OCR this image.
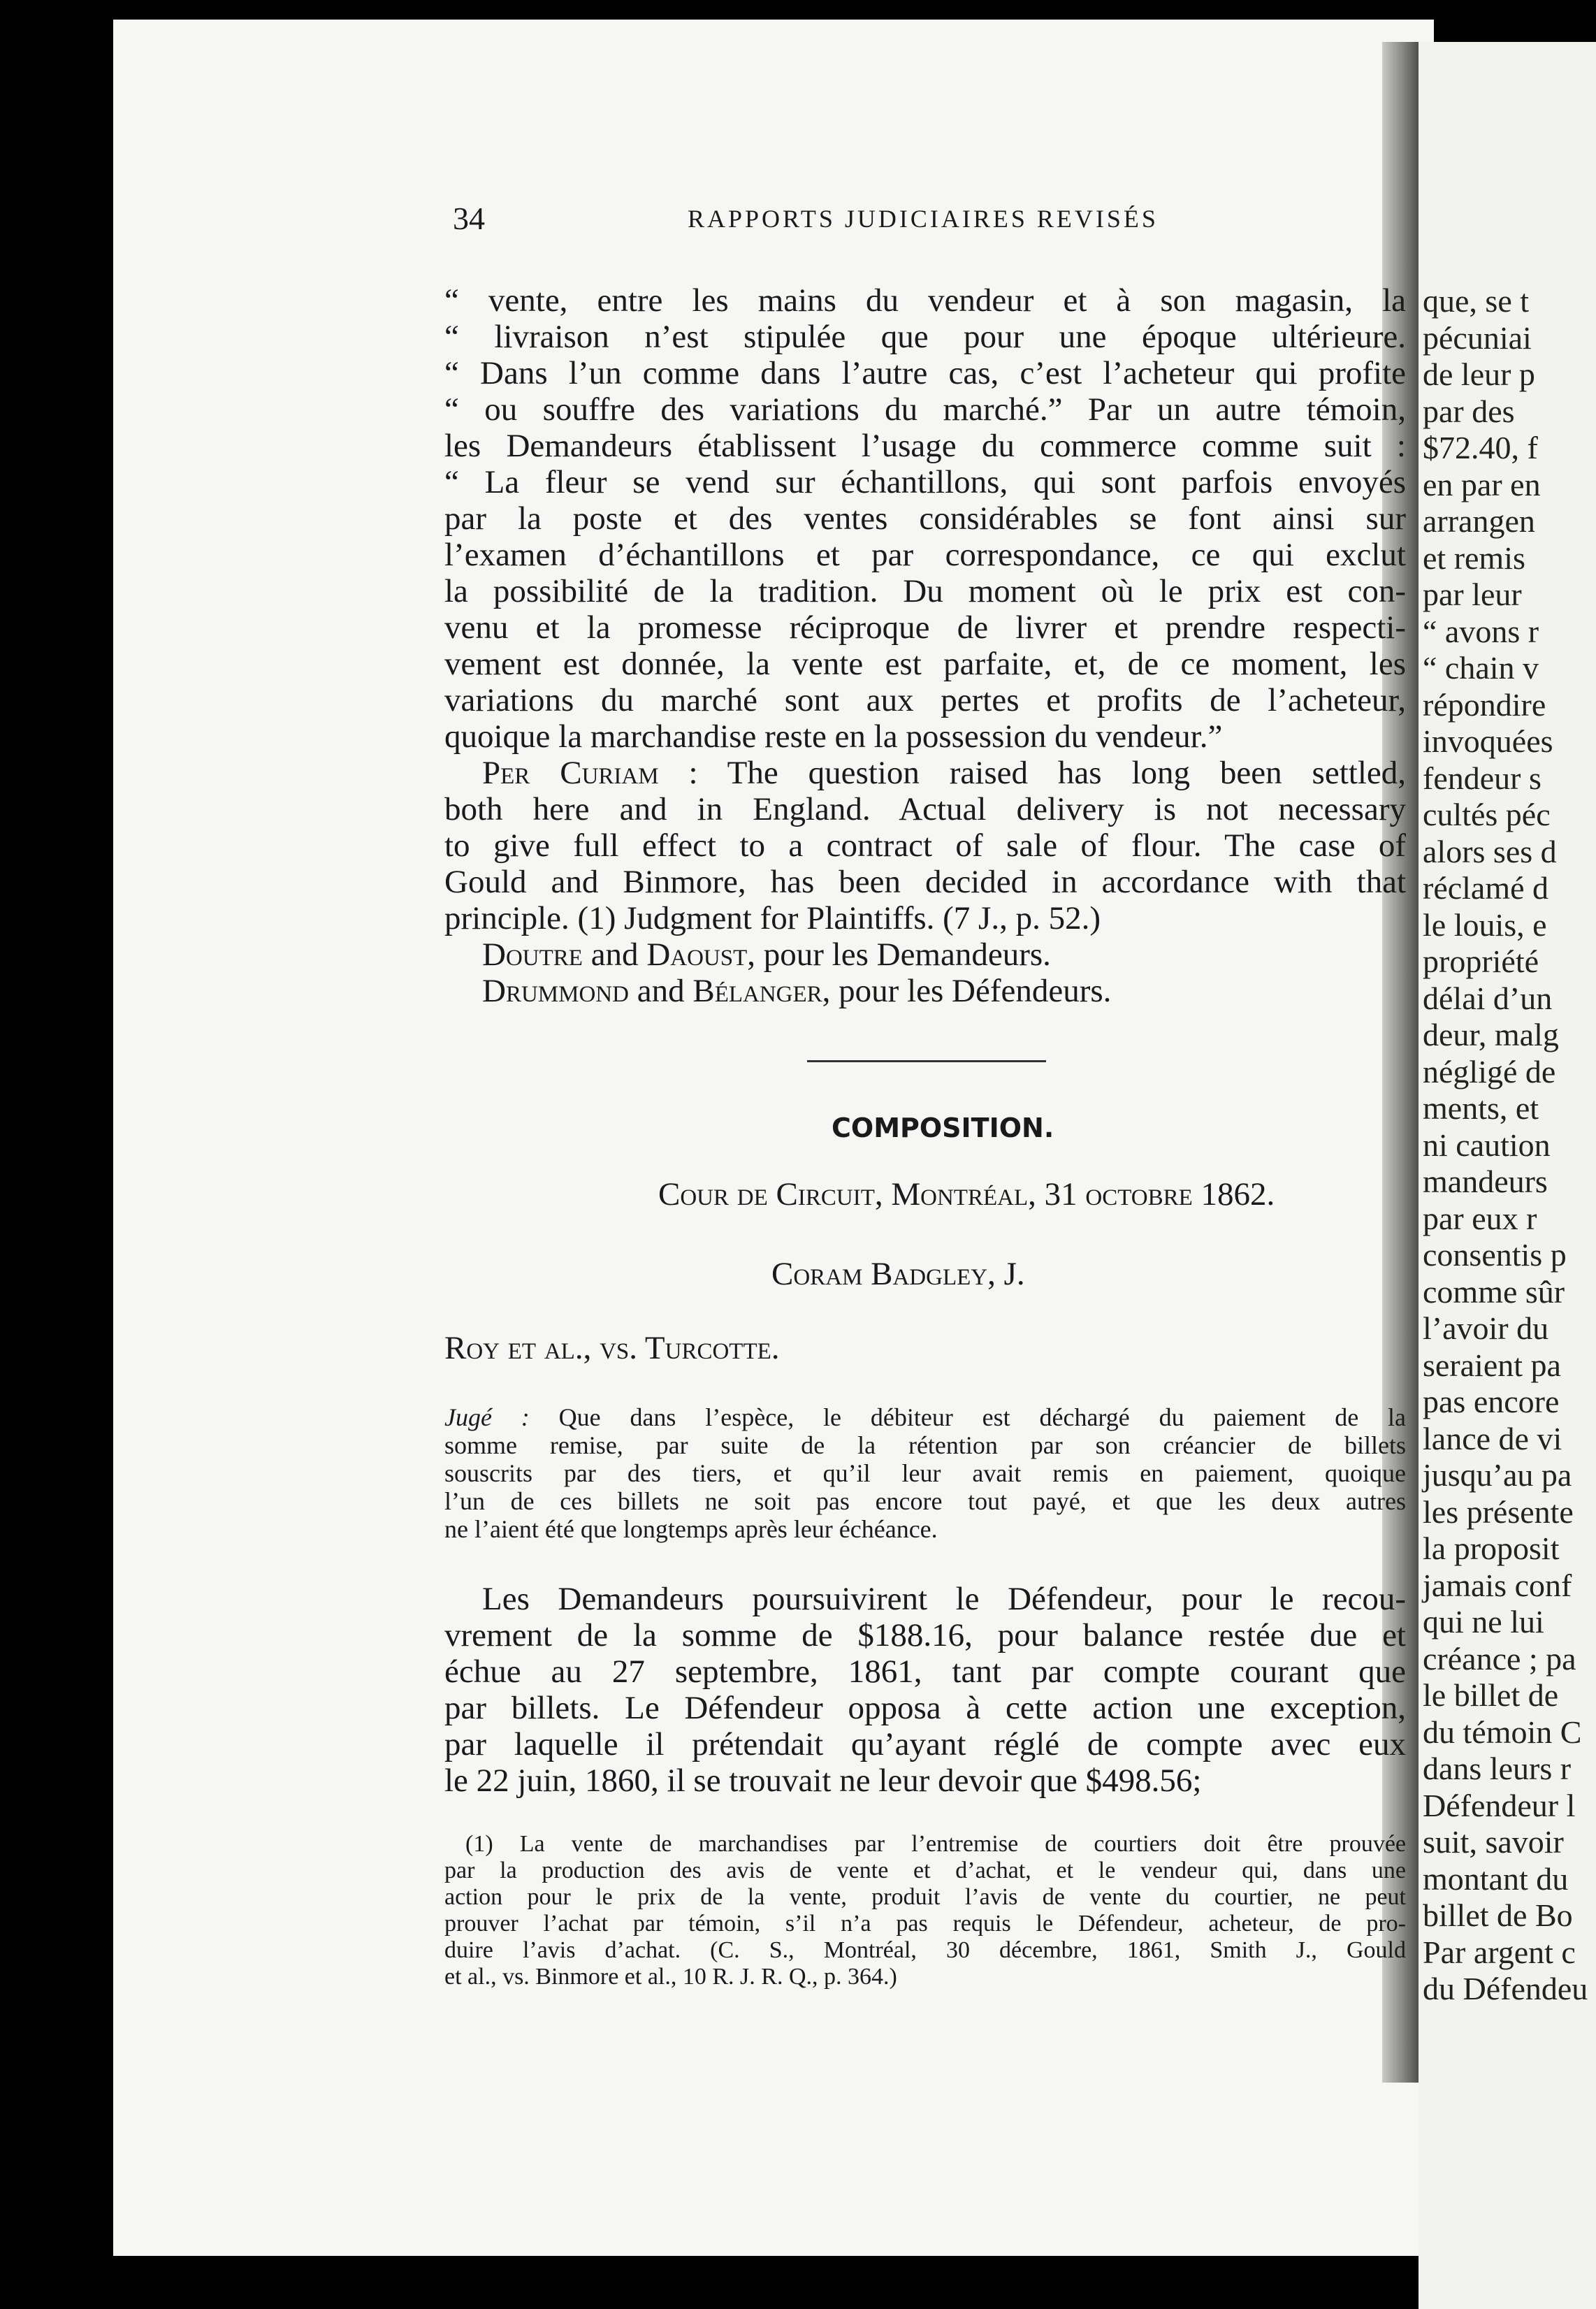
34	RAPPORTS JUDICIAIRES REVISÉS
“ vente, entre les mains du vendeur et à son magasin, la
“ livraison n’est stipulée que pour une époque ultérieure.
“ Dans l’un comme dans l’autre cas, c’est l’acheteur qui profite
“ ou souffre des variations du marché.” Par un autre témoin,
les Demandeurs établissent l’usage du commerce comme suit :
“ La fleur se vend sur échantillons, qui sont parfois envoyés
par la poste et des ventes considérables se font ainsi sur
l’examen d’échantillons et par correspondance, ce qui exclut
la possibilité de la tradition. Du moment où le prix est con-
venu et la promesse réciproque de livrer et prendre respecti-
vement est donnée, la vente est parfaite, et, de ce moment, les
variations du marché sont aux pertes et profits de l’acheteur,
quoique la marchandise reste en la possession du vendeur.”
Per Curiam : The question raised has long been settled,
both here and in England. Actual delivery is not necessary
to give full effect to a contract of sale of flour. The case of
Gould and Binmore, has been decided in accordance with that
principle. (1) Judgment for Plaintiffs. (7 J., p. 52.)
Doutre and Daoust, pour les Demandeurs.
Drummond and Bélanger, pour les Défendeurs.
COMPOSITION.
Cour de Circuit, Montréal, 31 octobre 1862.
Coram Badgley, J.
Roy et al., vs. Turcotte.
Jugé : Que dans l’espèce, le débiteur est déchargé du paiement de la
somme remise, par suite de la rétention par son créancier de billets
souscrits par des tiers, et qu’il leur avait remis en paiement, quoique
l’un de ces billets ne soit pas encore tout payé, et que les deux autres
ne l’aient été que longtemps après leur échéance.
Les Demandeurs poursuivirent le Défendeur, pour le recou-
vrement de la somme de $188.16, pour balance restée due et
échue au 27 septembre, 1861, tant par compte courant que
par billets. Le Défendeur opposa à cette action une exception,
par laquelle il prétendait qu’ayant réglé de compte avec eux
le 22 juin, 1860, il se trouvait ne leur devoir que $498.56;
(1) La vente de marchandises par l’entremise de courtiers doit être prouvée
par la production des avis de vente et d’achat, et le vendeur qui, dans une
action pour le prix de la vente, produit l’avis de vente du courtier, ne peut
prouver l’achat par témoin, s’il n’a pas requis le Défendeur, acheteur, de pro-
duire l’avis d’achat. (C. S., Montréal, 30 décembre, 1861, Smith J., Gould
et al., vs. Binmore et al., 10 R. J. R. Q., p. 364.)
que, se t
pécuniai
de leur p
par des
$72.40, f
en par en
arrangen
et remis
par leur
“ avons r
“ chain v
répondire
invoquées
fendeur s
cultés péc
alors ses d
réclamé d
le louis, e
propriété
délai d’un
deur, malg
négligé de
ments, et
ni caution
mandeurs
par eux r
consentis p
comme sûr
l’avoir du
seraient pa
pas encore
lance de vi
jusqu’au pa
les présente
la proposit
jamais conf
qui ne lui
créance ; pa
le billet de
du témoin C
dans leurs r
Défendeur l
suit, savoir
montant du
billet de Bo
Par argent c
du Défendeu
